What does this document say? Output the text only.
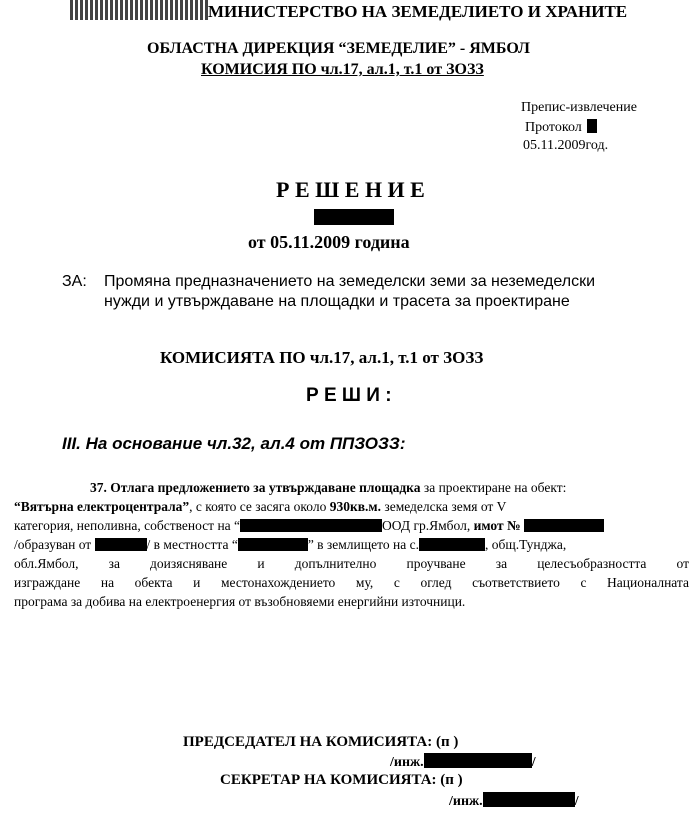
МИНИСТЕРСТВО НА ЗЕМЕДЕЛИЕТО И ХРАНИТЕ
ОБЛАСТНА ДИРЕКЦИЯ “ЗЕМЕДЕЛИЕ” - ЯМБОЛ
КОМИСИЯ ПО чл.17, ал.1, т.1 от ЗОЗЗ
Препис-извлечение
Протокол
05.11.2009год.
Р Е Ш Е Н И Е
от 05.11.2009 година
ЗА: Промяна предназначението на земеделски земи за неземеделски
нужди и утвърждаване на площадки и трасета за проектиране
КОМИСИЯТА ПО чл.17, ал.1, т.1 от ЗОЗЗ
Р Е Ш И :
III. На основание чл.32, ал.4 от ППЗОЗЗ:
37. Отлага предложението за утвърждаване площадка за проектиране на обект:
“Вятърна електроцентрала”, с която се засяга около 930кв.м. земеделска земя от V
категория, неполивна, собственост на “	ООД гр.Ямбол, имот №
/образуван от	/ в местността “	” в землището на с.	, общ.Тунджа,
обл.Ямбол, за доизясняване и допълнително проучване за целесъобразността от
изграждане на обекта и местонахождението му, с оглед съответствието с Националната
програма за добива на електроенергия от възобновяеми енергийни източници.
ПРЕДСЕДАТЕЛ НА КОМИСИЯТА: (п )
/инж.	/
СЕКРЕТАР НА КОМИСИЯТА: (п )
/инж.	/
